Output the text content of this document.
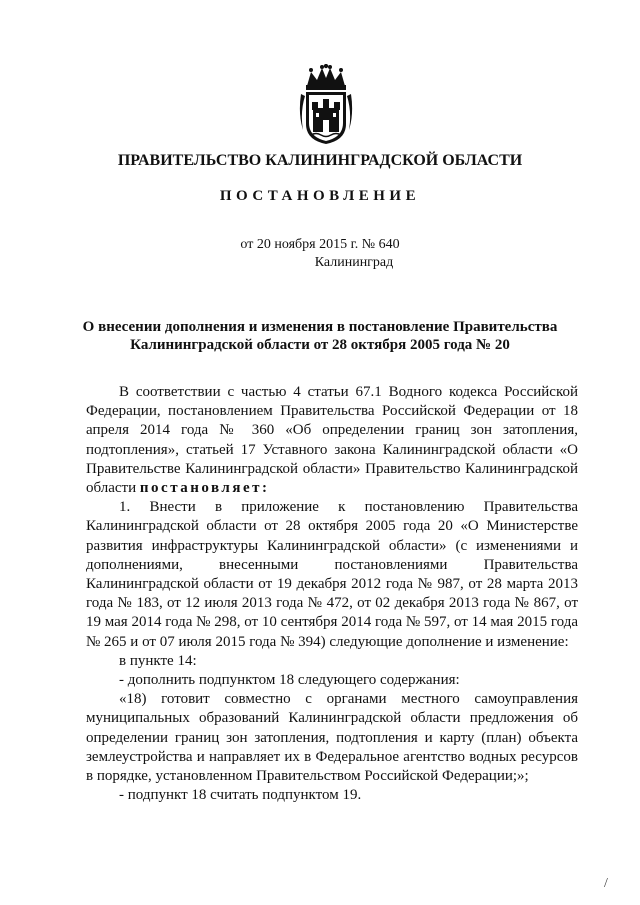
ПРАВИТЕЛЬСТВО КАЛИНИНГРАДСКОЙ ОБЛАСТИ
ПОСТАНОВЛЕНИЕ
от 20 ноября 2015 г. № 640
Калининград
О внесении дополнения и изменения в постановление Правительства
Калининградской области от 28 октября 2005 года № 20

В соответствии с частью 4 статьи 67.1 Водного кодекса Российской Федерации, постановлением Правительства Российской Федерации от 18 апреля 2014 года № 360 «Об определении границ зон затопления, подтопления», статьей 17 Уставного закона Калининградской области «О Правительстве Калининградской области» Правительство Калининградской области постановляет:

1. Внести в приложение к постановлению Правительства Калининградской области от 28 октября 2005 года 20 «О Министерстве развития инфраструктуры Калининградской области» (с изменениями и дополнениями, внесенными постановлениями Правительства Калининградской области от 19 декабря 2012 года № 987, от 28 марта 2013 года № 183, от 12 июля 2013 года № 472, от 02 декабря 2013 года № 867, от 19 мая 2014 года № 298, от 10 сентября 2014 года № 597, от 14 мая 2015 года № 265 и от 07 июля 2015 года № 394) следующие дополнение и изменение:

в пункте 14:

- дополнить подпунктом 18 следующего содержания:

«18) готовит совместно с органами местного самоуправления муниципальных образований Калининградской области предложения об определении границ зон затопления, подтопления и карту (план) объекта землеустройства и направляет их в Федеральное агентство водных ресурсов в порядке, установленном Правительством Российской Федерации;»;

- подпункт 18 считать подпунктом 19.

/
